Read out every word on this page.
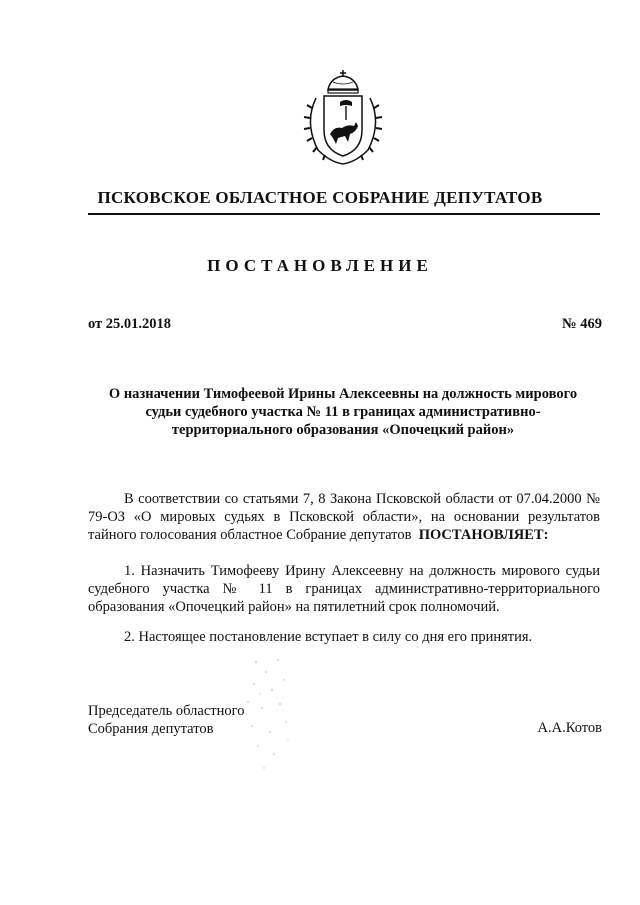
ПСКОВСКОЕ ОБЛАСТНОЕ СОБРАНИЕ ДЕПУТАТОВ
ПОСТАНОВЛЕНИЕ
от 25.01.2018	№ 469
О назначении Тимофеевой Ирины Алексеевны на должность мирового
судьи судебного участка № 11 в границах административно-
территориального образования «Опочецкий район»
В соответствии со статьями 7, 8 Закона Псковской области от 07.04.2000 № 79-ОЗ «О мировых судьях в Псковской области», на основании результатов тайного голосования областное Собрание депутатов ПОСТАНОВЛЯЕТ:
1. Назначить Тимофееву Ирину Алексеевну на должность мирового судьи судебного участка № 11 в границах административно-территориального образования «Опочецкий район» на пятилетний срок полномочий.
2. Настоящее постановление вступает в силу со дня его принятия.
Председатель областного
Собрания депутатов	А.А.Котов
